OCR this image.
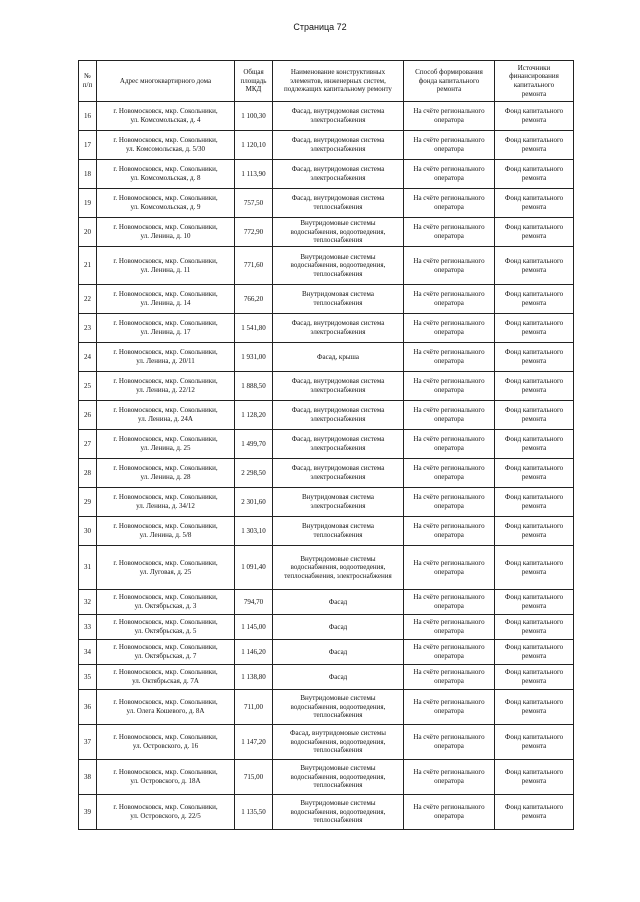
Страница 72
№
п/п	Адрес многоквартирного дома	Общая
площадь
МКД	Наименование конструктивных
элементов, инженерных систем,
подлежащих капитальному ремонту	Способ формирования
фонда капитального
ремонта	Источники
финансирования
капитального
ремонта
16	г. Новомосковск, мкр. Сокольники,
ул. Комсомольская, д. 4	1 100,30	Фасад, внутридомовая система
электроснабжения	На счёте регионального
оператора	Фонд капитального
ремонта
17	г. Новомосковск, мкр. Сокольники,
ул. Комсомольская, д. 5/30	1 120,10	Фасад, внутридомовая система
электроснабжения	На счёте регионального
оператора	Фонд капитального
ремонта
18	г. Новомосковск, мкр. Сокольники,
ул. Комсомольская, д. 8	1 113,90	Фасад, внутридомовая система
электроснабжения	На счёте регионального
оператора	Фонд капитального
ремонта
19	г. Новомосковск, мкр. Сокольники,
ул. Комсомольская, д. 9	757,50	Фасад, внутридомовая система
теплоснабжения	На счёте регионального
оператора	Фонд капитального
ремонта
20	г. Новомосковск, мкр. Сокольники,
ул. Ленина, д. 10	772,90	Внутридомовые системы
водоснабжения, водоотведения,
теплоснабжения	На счёте регионального
оператора	Фонд капитального
ремонта
21	г. Новомосковск, мкр. Сокольники,
ул. Ленина, д. 11	771,60	Внутридомовые системы
водоснабжения, водоотведения,
теплоснабжения	На счёте регионального
оператора	Фонд капитального
ремонта
22	г. Новомосковск, мкр. Сокольники,
ул. Ленина, д. 14	766,20	Внутридомовая система
теплоснабжения	На счёте регионального
оператора	Фонд капитального
ремонта
23	г. Новомосковск, мкр. Сокольники,
ул. Ленина, д. 17	1 541,80	Фасад, внутридомовая система
электроснабжения	На счёте регионального
оператора	Фонд капитального
ремонта
24	г. Новомосковск, мкр. Сокольники,
ул. Ленина, д. 20/11	1 931,00	Фасад, крыша	На счёте регионального
оператора	Фонд капитального
ремонта
25	г. Новомосковск, мкр. Сокольники,
ул. Ленина, д. 22/12	1 888,50	Фасад, внутридомовая система
электроснабжения	На счёте регионального
оператора	Фонд капитального
ремонта
26	г. Новомосковск, мкр. Сокольники,
ул. Ленина, д. 24А	1 128,20	Фасад, внутридомовая система
электроснабжения	На счёте регионального
оператора	Фонд капитального
ремонта
27	г. Новомосковск, мкр. Сокольники,
ул. Ленина, д. 25	1 499,70	Фасад, внутридомовая система
электроснабжения	На счёте регионального
оператора	Фонд капитального
ремонта
28	г. Новомосковск, мкр. Сокольники,
ул. Ленина, д. 28	2 298,50	Фасад, внутридомовая система
электроснабжения	На счёте регионального
оператора	Фонд капитального
ремонта
29	г. Новомосковск, мкр. Сокольники,
ул. Ленина, д. 34/12	2 301,60	Внутридомовая система
электроснабжения	На счёте регионального
оператора	Фонд капитального
ремонта
30	г. Новомосковск, мкр. Сокольники,
ул. Ленина, д. 5/8	1 303,10	Внутридомовая система
теплоснабжения	На счёте регионального
оператора	Фонд капитального
ремонта
31	г. Новомосковск, мкр. Сокольники,
ул. Луговая, д. 25	1 091,40	Внутридомовые системы
водоснабжения, водоотведения,
теплоснабжения, электроснабжения	На счёте регионального
оператора	Фонд капитального
ремонта
32	г. Новомосковск, мкр. Сокольники,
ул. Октябрьская, д. 3	794,70	Фасад	На счёте регионального
оператора	Фонд капитального
ремонта
33	г. Новомосковск, мкр. Сокольники,
ул. Октябрьская, д. 5	1 145,00	Фасад	На счёте регионального
оператора	Фонд капитального
ремонта
34	г. Новомосковск, мкр. Сокольники,
ул. Октябрьская, д. 7	1 146,20	Фасад	На счёте регионального
оператора	Фонд капитального
ремонта
35	г. Новомосковск, мкр. Сокольники,
ул. Октябрьская, д. 7А	1 138,80	Фасад	На счёте регионального
оператора	Фонд капитального
ремонта
36	г. Новомосковск, мкр. Сокольники,
ул. Олега Кошевого, д. 8А	711,00	Внутридомовые системы
водоснабжения, водоотведения,
теплоснабжения	На счёте регионального
оператора	Фонд капитального
ремонта
37	г. Новомосковск, мкр. Сокольники,
ул. Островского, д. 16	1 147,20	Фасад, внутридомовые системы
водоснабжения, водоотведения,
теплоснабжения	На счёте регионального
оператора	Фонд капитального
ремонта
38	г. Новомосковск, мкр. Сокольники,
ул. Островского, д. 18А	715,00	Внутридомовые системы
водоснабжения, водоотведения,
теплоснабжения	На счёте регионального
оператора	Фонд капитального
ремонта
39	г. Новомосковск, мкр. Сокольники,
ул. Островского, д. 22/5	1 135,50	Внутридомовые системы
водоснабжения, водоотведения,
теплоснабжения	На счёте регионального
оператора	Фонд капитального
ремонта
